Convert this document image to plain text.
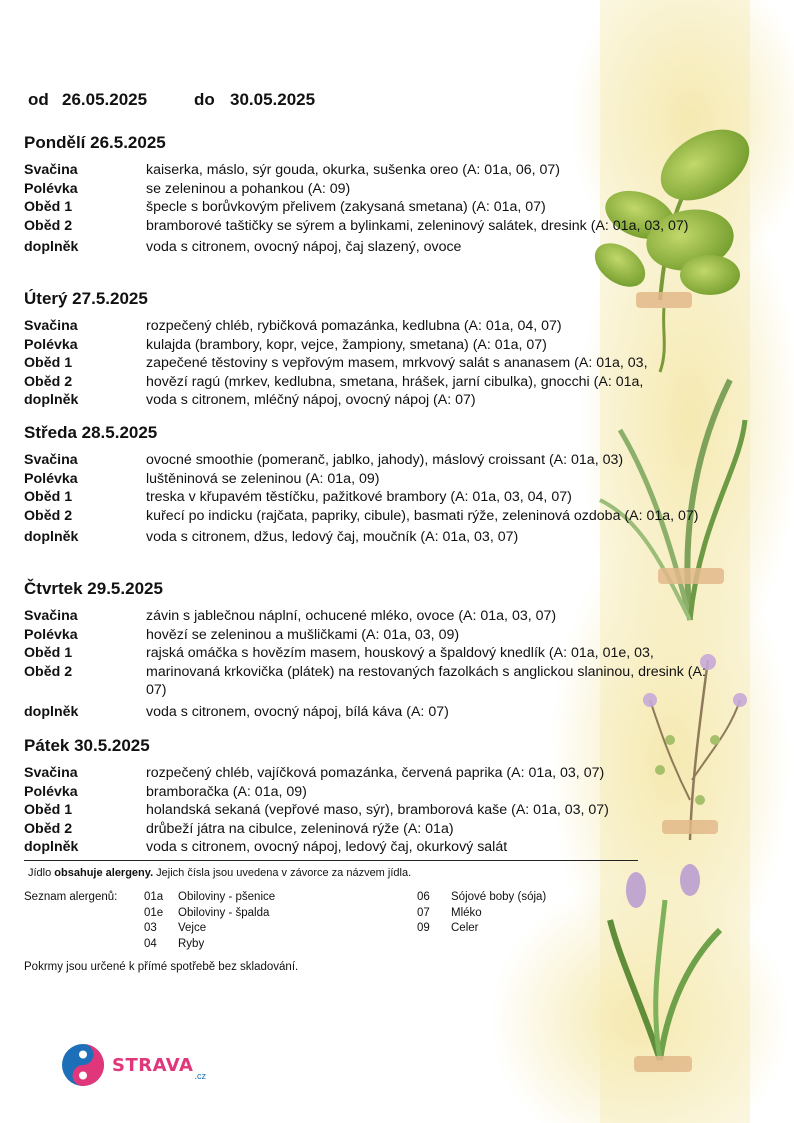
od 26.05.2025	do 30.05.2025
Pondělí 26.5.2025
Svačina	kaiserka, máslo, sýr gouda, okurka, sušenka oreo (A: 01a, 06, 07)
Polévka	se zeleninou a pohankou (A: 09)
Oběd 1	špecle s borůvkovým přelivem (zakysaná smetana) (A: 01a, 07)
Oběd 2	bramborové taštičky se sýrem a bylinkami, zeleninový salátek, dresink (A: 01a, 03, 07)
doplněk	voda s citronem, ovocný nápoj, čaj slazený, ovoce
Úterý 27.5.2025
Svačina	rozpečený chléb, rybičková pomazánka, kedlubna (A: 01a, 04, 07)
Polévka	kulajda (brambory, kopr, vejce, žampiony, smetana) (A: 01a, 07)
Oběd 1	zapečené těstoviny s vepřovým masem, mrkvový salát s ananasem (A: 01a, 03,
Oběd 2	hovězí ragú (mrkev, kedlubna, smetana, hrášek, jarní cibulka), gnocchi (A: 01a,
doplněk	voda s citronem, mléčný nápoj, ovocný nápoj (A: 07)
Středa 28.5.2025
Svačina	ovocné smoothie (pomeranč, jablko, jahody), máslový croissant (A: 01a, 03)
Polévka	luštěninová se zeleninou (A: 01a, 09)
Oběd 1	treska v křupavém těstíčku, pažitkové brambory (A: 01a, 03, 04, 07)
Oběd 2	kuřecí po indicku (rajčata, papriky, cibule), basmati rýže, zeleninová ozdoba (A: 01a, 07)
doplněk	voda s citronem, džus, ledový čaj, moučník (A: 01a, 03, 07)
Čtvrtek 29.5.2025
Svačina	závin s jablečnou náplní, ochucené mléko, ovoce (A: 01a, 03, 07)
Polévka	hovězí se zeleninou a mušličkami (A: 01a, 03, 09)
Oběd 1	rajská omáčka s hovězím masem, houskový a špaldový knedlík (A: 01a, 01e, 03,
Oběd 2	marinovaná krkovička (plátek) na restovaných fazolkách s anglickou slaninou, dresink (A: 07)
doplněk	voda s citronem, ovocný nápoj, bílá káva (A: 07)
Pátek 30.5.2025
Svačina	rozpečený chléb, vajíčková pomazánka, červená paprika (A: 01a, 03, 07)
Polévka	bramboračka (A: 01a, 09)
Oběd 1	holandská sekaná (vepřové maso, sýr), bramborová kaše (A: 01a, 03, 07)
Oběd 2	drůbeží játra na cibulce, zeleninová rýže (A: 01a)
doplněk	voda s citronem, ovocný nápoj, ledový čaj, okurkový salát
Jídlo obsahuje alergeny. Jejich čísla jsou uvedena v závorce za názvem jídla.
Seznam alergenů:	01a	Obiloviny - pšenice
01e	Obiloviny - špalda
03	Vejce
04	Ryby
06	Sójové boby (sója)
07	Mléko
09	Celer
Pokrmy jsou určené k přímé spotřebě bez skladování.
STRAVA
.cz
